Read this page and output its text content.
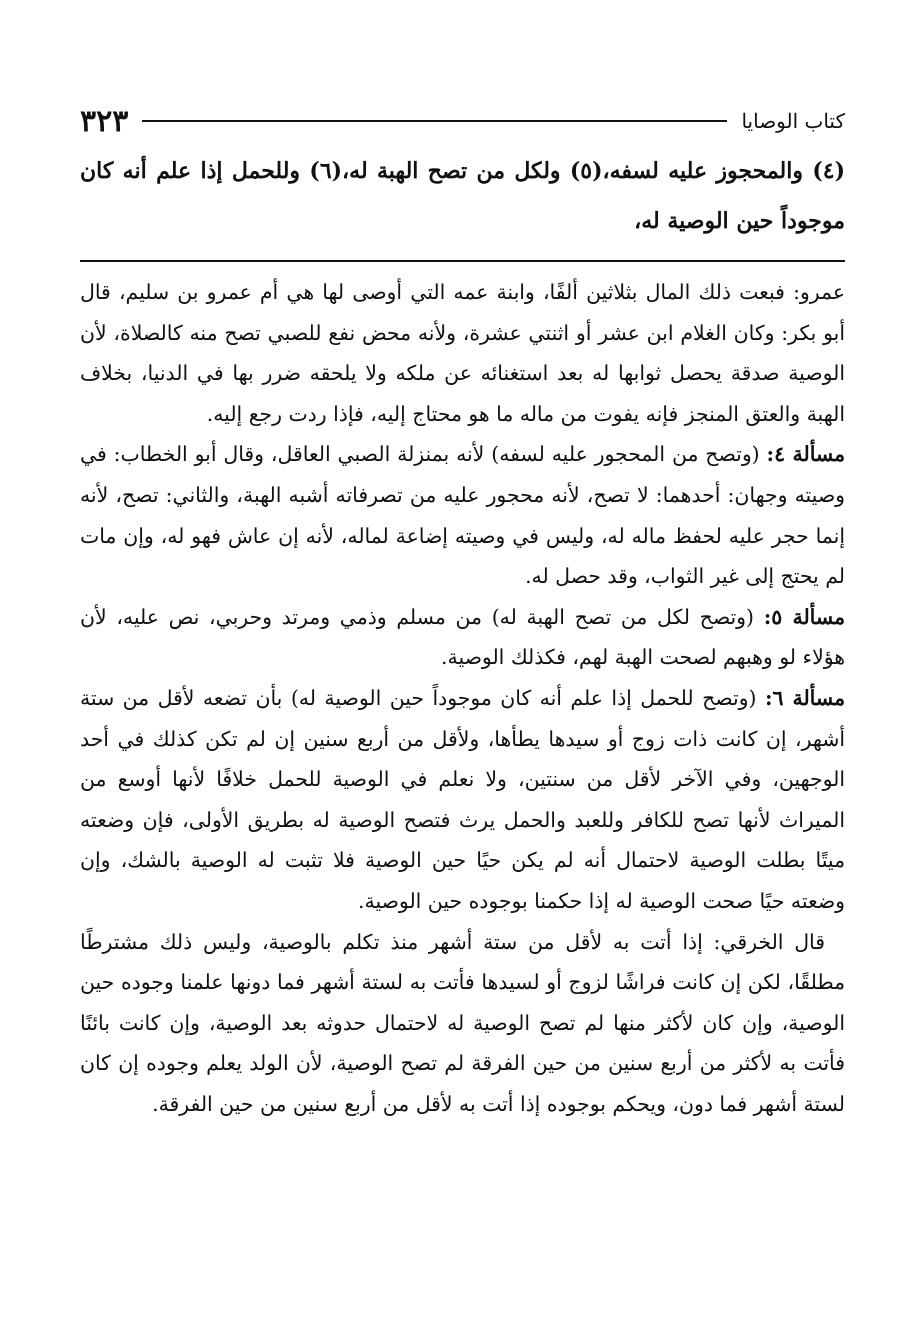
كتاب الوصايا
٣٢٣

(٤) والمحجوز عليه لسفه،(٥) ولكل من تصح الهبة له،(٦) وللحمل إذا علم أنه كان موجوداً حين الوصية له،

عمرو: فبعت ذلك المال بثلاثين ألفًا، وابنة عمه التي أوصى لها هي أم عمرو بن سليم، قال أبو بكر: وكان الغلام ابن عشر أو اثنتي عشرة، ولأنه محض نفع للصبي تصح منه كالصلاة، لأن الوصية صدقة يحصل ثوابها له بعد استغنائه عن ملكه ولا يلحقه ضرر بها في الدنيا، بخلاف الهبة والعتق المنجز فإنه يفوت من ماله ما هو محتاج إليه، فإذا ردت رجع إليه.

مسألة ٤: (وتصح من المحجور عليه لسفه) لأنه بمنزلة الصبي العاقل، وقال أبو الخطاب: في وصيته وجهان: أحدهما: لا تصح، لأنه محجور عليه من تصرفاته أشبه الهبة، والثاني: تصح، لأنه إنما حجر عليه لحفظ ماله له، وليس في وصيته إضاعة لماله، لأنه إن عاش فهو له، وإن مات لم يحتج إلى غير الثواب، وقد حصل له.

مسألة ٥: (وتصح لكل من تصح الهبة له) من مسلم وذمي ومرتد وحربي، نص عليه، لأن هؤلاء لو وهبهم لصحت الهبة لهم، فكذلك الوصية.

مسألة ٦: (وتصح للحمل إذا علم أنه كان موجوداً حين الوصية له) بأن تضعه لأقل من ستة أشهر، إن كانت ذات زوج أو سيدها يطأها، ولأقل من أربع سنين إن لم تكن كذلك في أحد الوجهين، وفي الآخر لأقل من سنتين، ولا نعلم في الوصية للحمل خلافًا لأنها أوسع من الميراث لأنها تصح للكافر وللعبد والحمل يرث فتصح الوصية له بطريق الأولى، فإن وضعته ميتًا بطلت الوصية لاحتمال أنه لم يكن حيًا حين الوصية فلا تثبت له الوصية بالشك، وإن وضعته حيًا صحت الوصية له إذا حكمنا بوجوده حين الوصية.

قال الخرقي: إذا أتت به لأقل من ستة أشهر منذ تكلم بالوصية، وليس ذلك مشترطًا مطلقًا، لكن إن كانت فراشًا لزوج أو لسيدها فأتت به لستة أشهر فما دونها علمنا وجوده حين الوصية، وإن كان لأكثر منها لم تصح الوصية له لاحتمال حدوثه بعد الوصية، وإن كانت بائنًا فأتت به لأكثر من أربع سنين من حين الفرقة لم تصح الوصية، لأن الولد يعلم وجوده إن كان لستة أشهر فما دون، ويحكم بوجوده إذا أتت به لأقل من أربع سنين من حين الفرقة.
